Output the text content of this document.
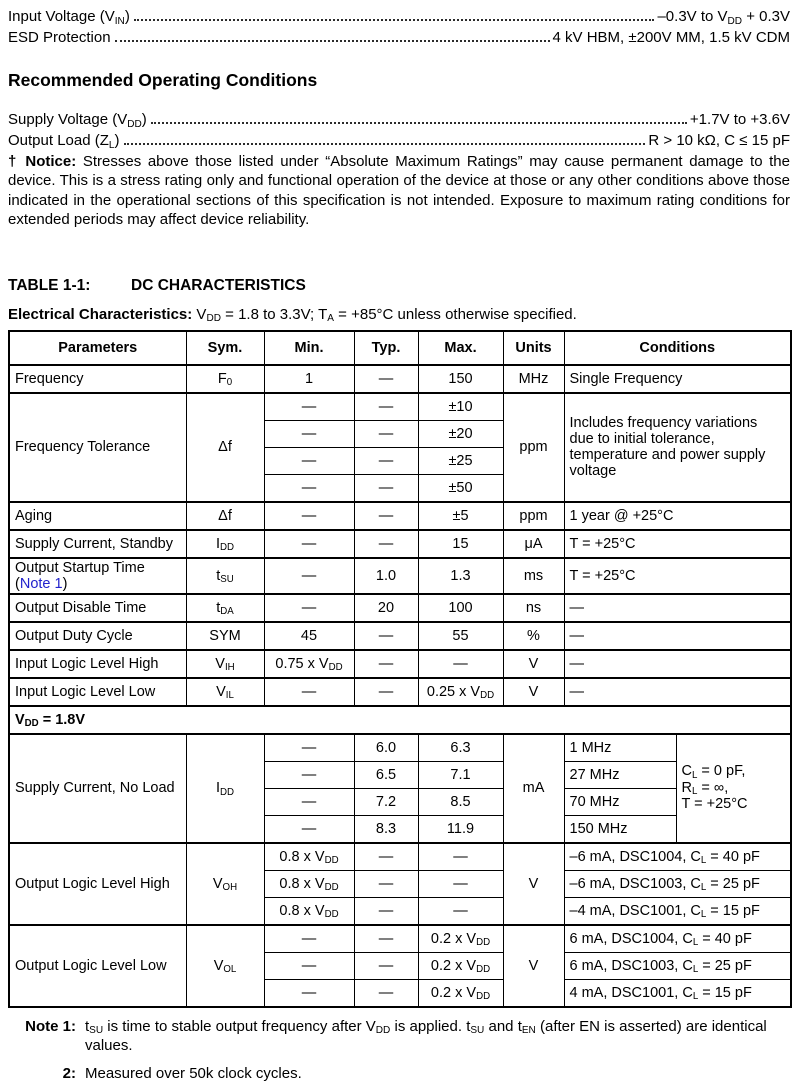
Input Voltage $(V_{IN})$	–0.3V to $V_{DD} + 0.3V$
ESD Protection	4 kV HBM, ±200V MM, 1.5 kV CDM
Recommended Operating Conditions
Supply Voltage $(V_{DD})$	+1.7V to +3.6V
Output Load $(Z_L)$	R > 10 kΩ, C ≤ 15 pF
† Notice: Stresses above those listed under “Absolute Maximum Ratings” may cause permanent damage to the device. This is a stress rating only and functional operation of the device at those or any other conditions above those indicated in the operational sections of this specification is not intended. Exposure to maximum rating conditions for extended periods may affect device reliability.
TABLE 1-1:	DC CHARACTERISTICS
Electrical Characteristics: $V_{DD} = 1.8$ to 3.3V; $T_A = +85^\circ C$ unless otherwise specified.
Parameters	Sym.	Min.	Typ.	Max.	Units	Conditions	
Frequency	$F_0$	1	—	150	MHz	Single Frequency	
Frequency Tolerance	Δf	—	—	±10	ppm	Includes frequency variations due to initial tolerance, temperature and power supply voltage	
		—	—	±20			
		—	—	±25			
		—	—	±50			
Aging	Δf	—	—	±5	ppm	1 year @ +25°C	
Supply Current, Standby	$I_{DD}$	—	—	15	μA	T = +25°C	

Output Startup Time
(Note 1)	$t_{SU}$	—	1.0	1.3	ms	T = +25°C	
Output Disable Time	$t_{DA}$	—	20	100	ns	—	
Output Duty Cycle	SYM	45	—	55	%	—	
Input Logic Level High	$V_{IH}$	0.75 x $V_{DD}$	—	—	V	—	
Input Logic Level Low	$V_{IL}$	—	—	0.25 x $V_{DD}$	V	—	
$V_{DD} = 1.8V$							
Supply Current, No Load	$I_{DD}$	—	6.0	6.3	mA	1 MHz	$C_L = 0$ pF,
$R_L$ = ∞,
T = +25°C
		—	6.5	7.1		27 MHz	
		—	7.2	8.5		70 MHz	
		—	8.3	11.9		150 MHz	
Output Logic Level High	$V_{OH}$	0.8 x $V_{DD}$	—	—	V	–6 mA, DSC1004, $C_L = 40$ pF	
		0.8 x $V_{DD}$	—	—		–6 mA, DSC1003, $C_L = 25$ pF	
		0.8 x $V_{DD}$	—	—		–4 mA, DSC1001, $C_L = 15$ pF	
Output Logic Level Low	$V_{OL}$	—	—	0.2 x $V_{DD}$	V	6 mA, DSC1004, $C_L = 40$ pF	
		—	—	0.2 x $V_{DD}$		6 mA, DSC1003, $C_L = 25$ pF	
		—	—	0.2 x $V_{DD}$		4 mA, DSC1001, $C_L = 15$ pF	
Note 1: $t_{SU}$ is time to stable output frequency after $V_{DD}$ is applied. $t_{SU}$ and $t_{EN}$ (after EN is asserted) are identical values.
2: Measured over 50k clock cycles.
